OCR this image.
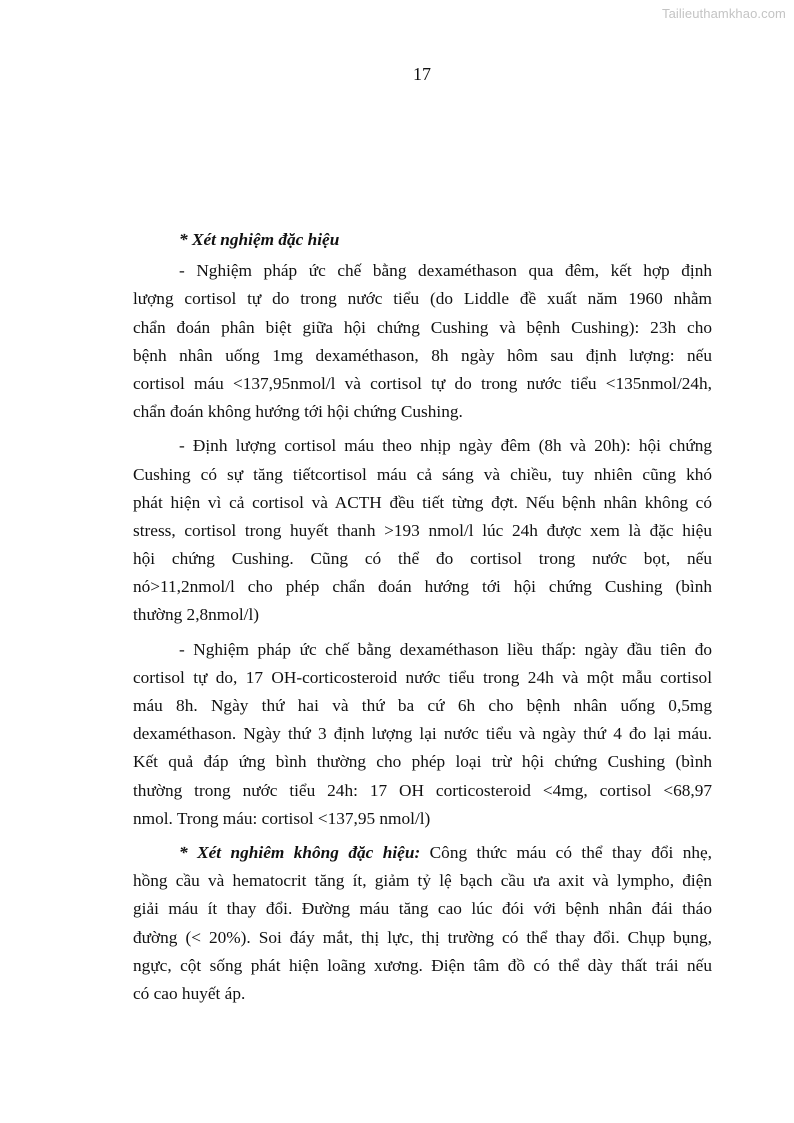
Tailieuthamkhao.com
17
* Xét nghiệm đặc hiệu
- Nghiệm pháp ức chế bằng dexaméthason qua đêm, kết hợp định
lượng cortisol tự do trong nước tiểu (do Liddle đề xuất năm 1960 nhằm
chẩn đoán phân biệt giữa hội chứng Cushing và bệnh Cushing): 23h cho
bệnh nhân uống 1mg dexaméthason, 8h ngày hôm sau định lượng: nếu
cortisol máu <137,95nmol/l và cortisol tự do trong nước tiểu <135nmol/24h,
chẩn đoán không hướng tới hội chứng Cushing.
- Định lượng cortisol máu theo nhịp ngày đêm (8h và 20h): hội chứng
Cushing có sự tăng tiếtcortisol máu cả sáng và chiều, tuy nhiên cũng khó
phát hiện vì cả cortisol và ACTH đều tiết từng đợt. Nếu bệnh nhân không có
stress, cortisol trong huyết thanh >193 nmol/l lúc 24h được xem là đặc hiệu
hội chứng Cushing. Cũng có thể đo cortisol trong nước bọt, nếu
nó>11,2nmol/l cho phép chẩn đoán hướng tới hội chứng Cushing (bình
thường 2,8nmol/l)
- Nghiệm pháp ức chế bằng dexaméthason liều thấp: ngày đầu tiên đo
cortisol tự do, 17 OH-corticosteroid nước tiểu trong 24h và một mẫu cortisol
máu 8h. Ngày thứ hai và thứ ba cứ 6h cho bệnh nhân uống 0,5mg
dexaméthason. Ngày thứ 3 định lượng lại nước tiểu và ngày thứ 4 đo lại máu.
Kết quả đáp ứng bình thường cho phép loại trừ hội chứng Cushing (bình
thường trong nước tiểu 24h: 17 OH corticosteroid <4mg, cortisol <68,97
nmol. Trong máu: cortisol <137,95 nmol/l)
* Xét nghiêm không đặc hiệu: Công thức máu có thể thay đổi nhẹ,
hồng cầu và hematocrit tăng ít, giảm tỷ lệ bạch cầu ưa axit và lympho, điện
giải máu ít thay đổi. Đường máu tăng cao lúc đói với bệnh nhân đái tháo
đường (< 20%). Soi đáy mắt, thị lực, thị trường có thể thay đổi. Chụp bụng,
ngực, cột sống phát hiện loãng xương. Điện tâm đồ có thể dày thất trái nếu
có cao huyết áp.
